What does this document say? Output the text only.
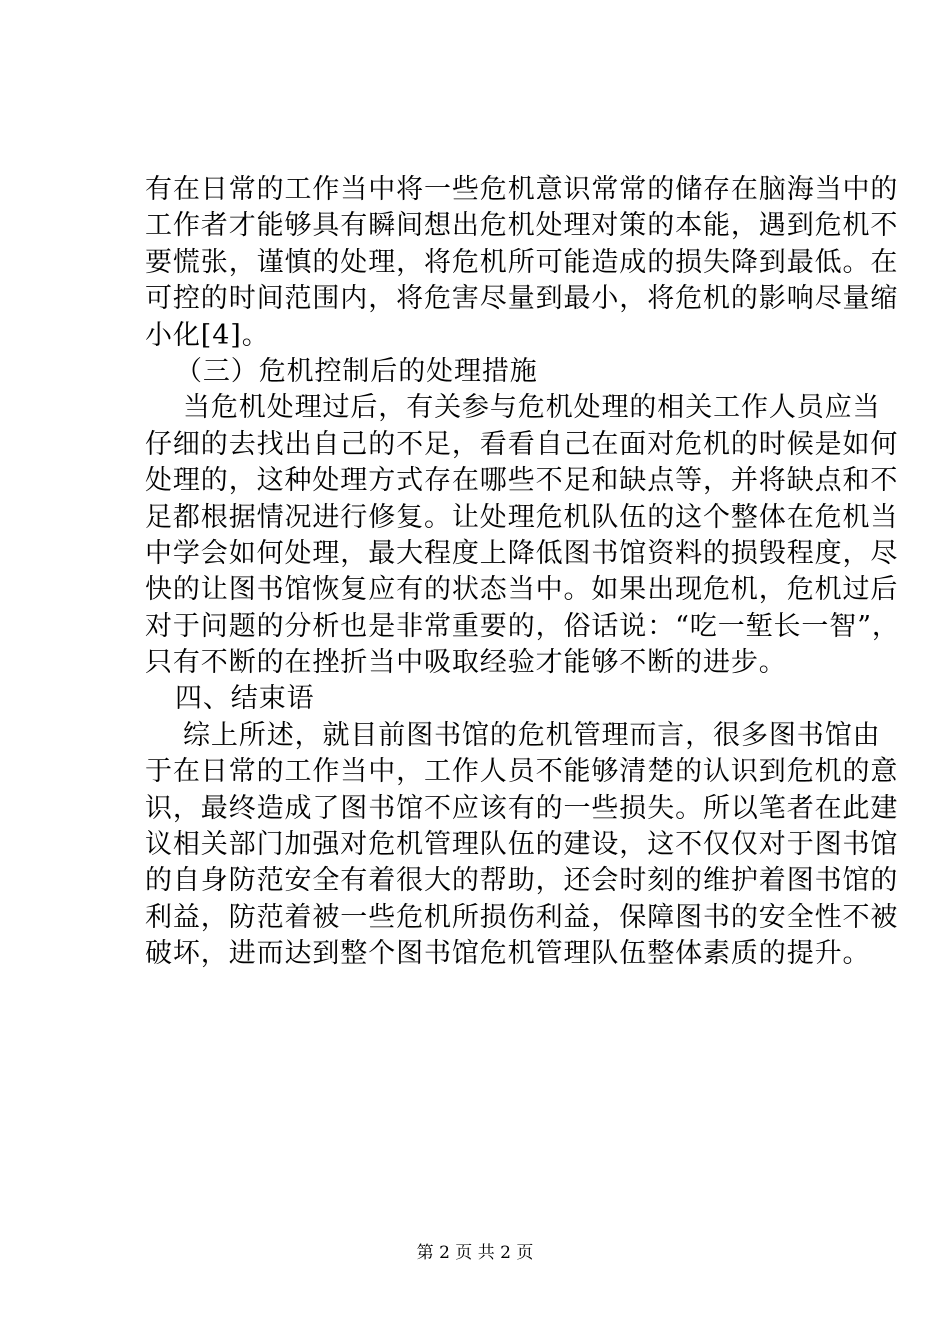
有在日常的工作当中将一些危机意识常常的储存在脑海当中的
工作者才能够具有瞬间想出危机处理对策的本能，遇到危机不
要慌张，谨慎的处理，将危机所可能造成的损失降到最低。在
可控的时间范围内，将危害尽量到最小，将危机的影响尽量缩
小化[4]。
（三）危机控制后的处理措施
当危机处理过后，有关参与危机处理的相关工作人员应当
仔细的去找出自己的不足，看看自己在面对危机的时候是如何
处理的，这种处理方式存在哪些不足和缺点等，并将缺点和不
足都根据情况进行修复。让处理危机队伍的这个整体在危机当
中学会如何处理，最大程度上降低图书馆资料的损毁程度，尽
快的让图书馆恢复应有的状态当中。如果出现危机，危机过后
对于问题的分析也是非常重要的，俗话说：“吃一堑长一智”，
只有不断的在挫折当中吸取经验才能够不断的进步。
四、结束语
综上所述，就目前图书馆的危机管理而言，很多图书馆由
于在日常的工作当中，工作人员不能够清楚的认识到危机的意
识，最终造成了图书馆不应该有的一些损失。所以笔者在此建
议相关部门加强对危机管理队伍的建设，这不仅仅对于图书馆
的自身防范安全有着很大的帮助，还会时刻的维护着图书馆的
利益，防范着被一些危机所损伤利益，保障图书的安全性不被
破坏，进而达到整个图书馆危机管理队伍整体素质的提升。
第 2 页 共 2 页
